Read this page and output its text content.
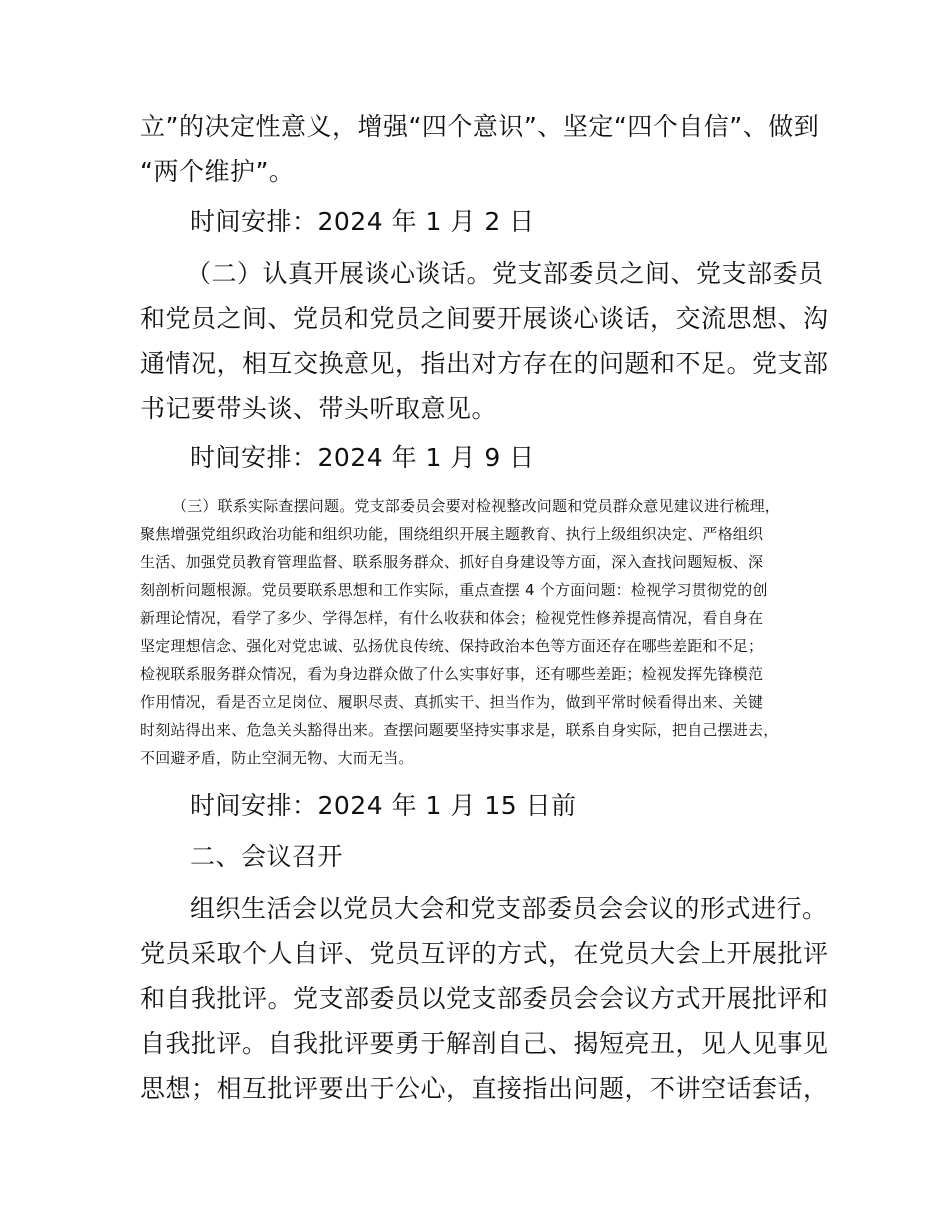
立”的决定性意义，增强“四个意识”、坚定“四个自信”、做到
“两个维护”。
时间安排：2024 年 1 月 2 日
（二）认真开展谈心谈话。党支部委员之间、党支部委员
和党员之间、党员和党员之间要开展谈心谈话，交流思想、沟
通情况，相互交换意见，指出对方存在的问题和不足。党支部
书记要带头谈、带头听取意见。
时间安排：2024 年 1 月 9 日
（三）联系实际查摆问题。党支部委员会要对检视整改问题和党员群众意见建议进行梳理，
聚焦增强党组织政治功能和组织功能，围绕组织开展主题教育、执行上级组织决定、严格组织
生活、加强党员教育管理监督、联系服务群众、抓好自身建设等方面，深入查找问题短板、深
刻剖析问题根源。党员要联系思想和工作实际，重点查摆 4 个方面问题：检视学习贯彻党的创
新理论情况，看学了多少、学得怎样，有什么收获和体会；检视党性修养提高情况，看自身在
坚定理想信念、强化对党忠诚、弘扬优良传统、保持政治本色等方面还存在哪些差距和不足；
检视联系服务群众情况，看为身边群众做了什么实事好事，还有哪些差距；检视发挥先锋模范
作用情况，看是否立足岗位、履职尽责、真抓实干、担当作为，做到平常时候看得出来、关键
时刻站得出来、危急关头豁得出来。查摆问题要坚持实事求是，联系自身实际，把自己摆进去，
不回避矛盾，防止空洞无物、大而无当。
时间安排：2024 年 1 月 15 日前
二、会议召开
组织生活会以党员大会和党支部委员会会议的形式进行。
党员采取个人自评、党员互评的方式，在党员大会上开展批评
和自我批评。党支部委员以党支部委员会会议方式开展批评和
自我批评。自我批评要勇于解剖自己、揭短亮丑，见人见事见
思想；相互批评要出于公心，直接指出问题，不讲空话套话，
